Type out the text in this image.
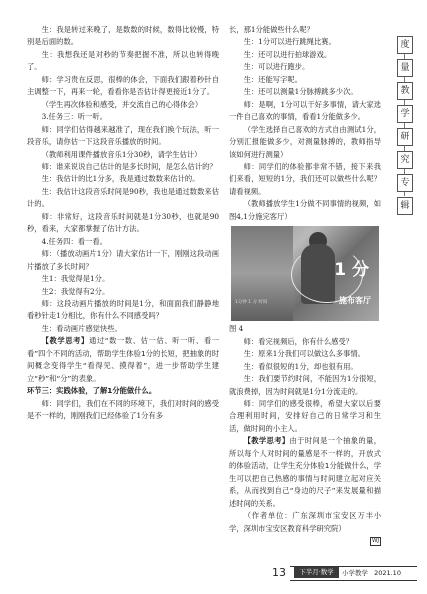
生：我是转过来晚了，是数数的时候，数得比较慢，特别是后面的数。

生：我想我还是对秒的节奏把握不准，所以也转得晚了。

师：学习贵在反思，很棒的体会，下面我们跟着秒针自主调整一下，再来一轮，看看你是否估计得更接近1分了。

（学生再次体验和感受，并交流自己的心得体会）

3.任务三：听一听。

师：同学们估得越来越准了，现在我们换个玩法，听一段音乐，请你估一下这段音乐播放的时间。

（教师利用课件播放音乐1分30秒，请学生估计）

师：谁来说说自己估计的是多长时间，是怎么估计的？

生：我估计的比1分多，我是通过数数来估计的。

生：我估计这段音乐时间是90秒，我也是通过数数来估计的。

师：非常好，这段音乐时间就是1分30秒，也就是90秒，看来，大家都掌握了估计方法。

4.任务四：看一看。

师：（播放动画片1分）请大家估计一下，刚刚这段动画片播放了多长时间？

生1：我觉得是1分。

生2：我觉得有2分。

师：这段动画片播放的时间是1分，和面面我们静静地看秒针走1分相比，你有什么不同感受吗？

生：看动画片感觉快些。

【教学思考】通过“数一数、估一估、听一听、看一看”四个不同的活动，帮助学生体验1分的长短，把抽象的时间概念变得学生“看得见、摸得着”，进一步帮助学生建立“秒”和“分”的表象。

环节三：实践体验，了解1分能做什么。

师：同学们，我们在不同的环境下，我们对时间的感受是不一样的，刚刚我们已经体验了1分有多

长，那1分能做些什么呢？

生：1分可以进行跳绳比赛。

生：还可以进行拍球游戏。

生：可以进行跑步。

生：还能写字呢。

生：还可以测量1分脉搏跳多少次。

师：是啊，1分可以干好多事情，请大家选一件自己喜欢的事情，看看1分能做多少。

（学生选择自己喜欢的方式自由测试1分，分别汇报能做多少，对测量脉搏的，教师指导该如何进行测量）

师：同学们的体验都非常不错，接下来我们来看，短短的1分，我们还可以做些什么呢？请看视频。

（教师播放学生1分做不同事情的视频，如图4,1分施完客厅）

1 分
施布客厅
1分钟 1 分 时间

图 4

师：看完视频后，你有什么感受？

生：原来1分我们可以做这么多事情。

生：看似很短的1分，却也很有用。

生：我们要节约时间，不能因为1分很短，就浪费掉，因为时间就是1分1分流走的。

师：同学们的感受很棒，希望大家以后要合理利用时间，安排好自己的日常学习和生活，做时间的小主人。

【教学思考】由于时间是一个抽象的量，所以每个人对时间的量感是不一样的，开放式的体验活动，让学生充分体验1分能做什么，学生可以把自己热感的事情与时间建立起对应关系，从而找到自己“身边的尺子”来发展量和描述时间的关系。

（作者单位：广东深圳市宝安区万丰小学，深圳市宝安区教育科学研究院）

WJ
度
量
教
学
研
究
专
辑
13	小学教学 2021.10
下半月·数学
